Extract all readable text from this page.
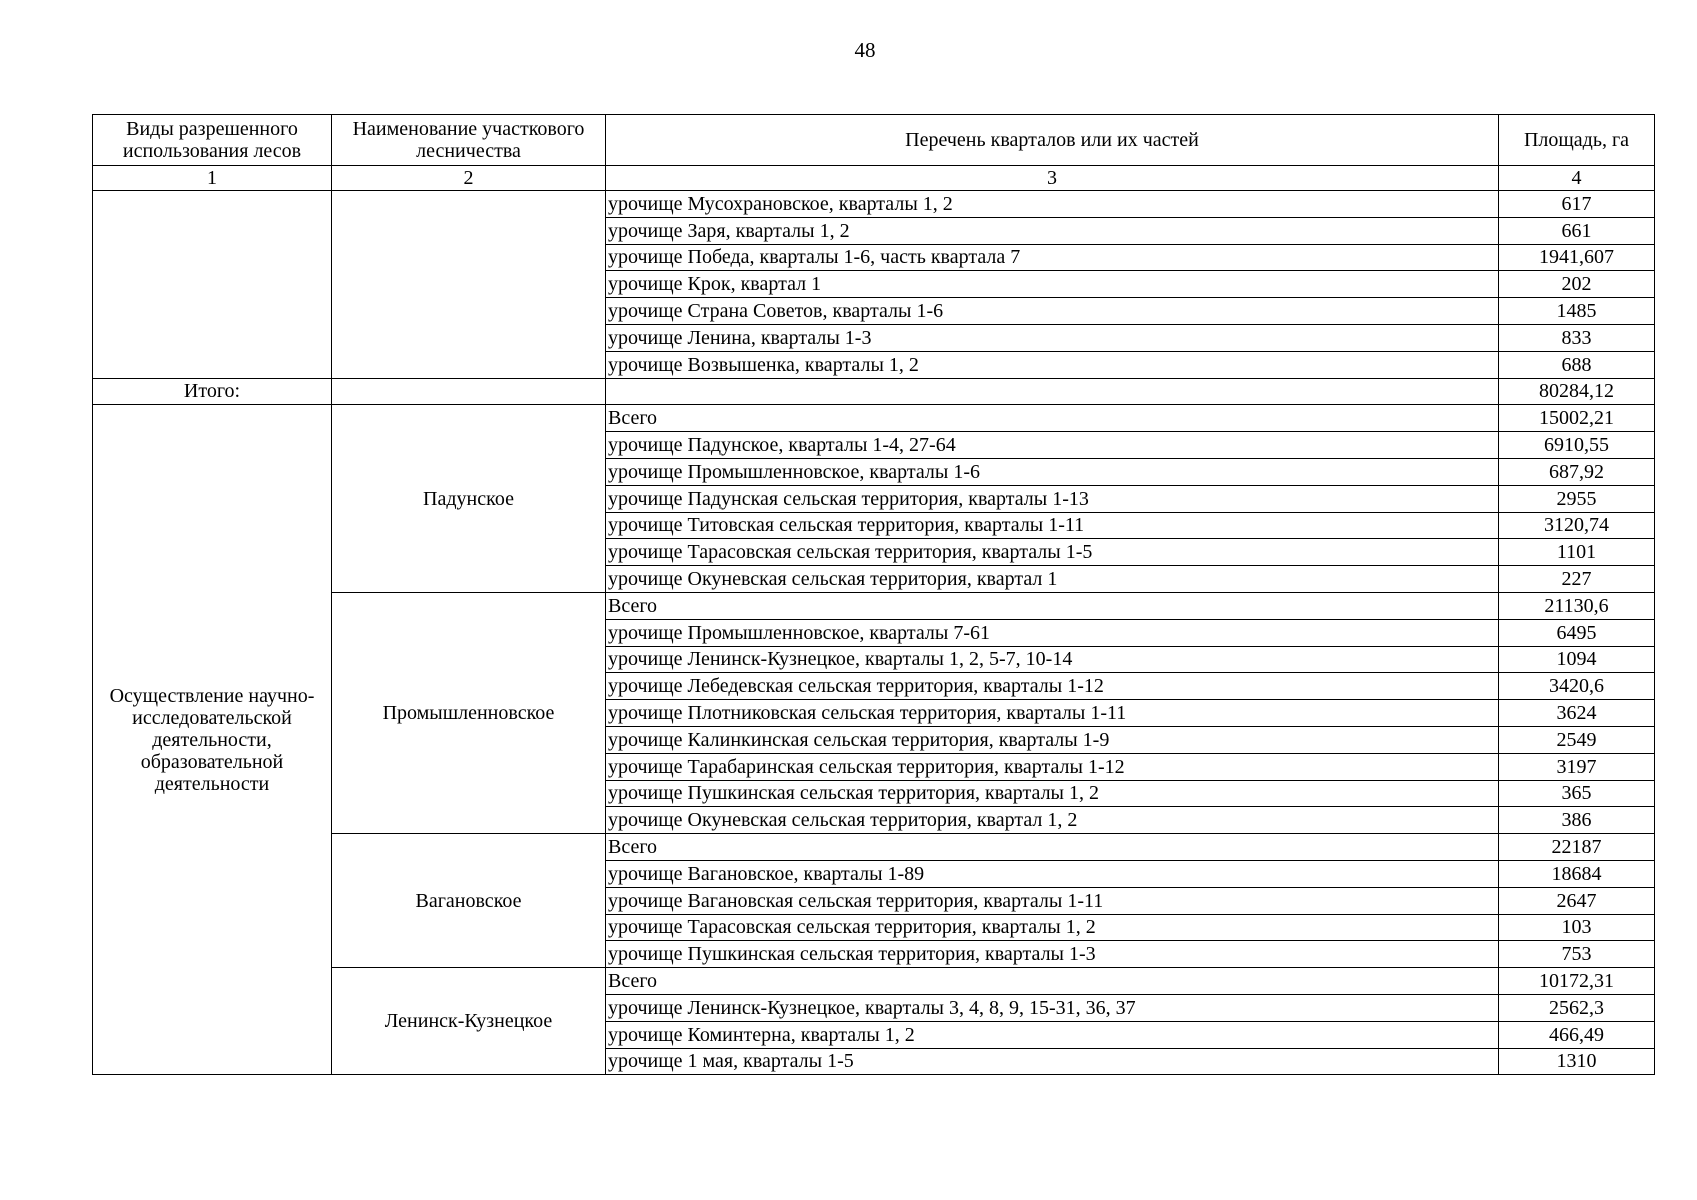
48
Виды разрешенного использования лесов	Наименование участкового лесничества	Перечень кварталов или их частей	Площадь, га
1	2	3	4
		урочище Мусохрановское, кварталы 1, 2	617
		урочище Заря, кварталы 1, 2	661
		урочище Победа, кварталы 1-6, часть квартала 7	1941,607
		урочище Крок, квартал 1	202
		урочище Страна Советов, кварталы 1-6	1485
		урочище Ленина, кварталы 1-3	833
		урочище Возвышенка, кварталы 1, 2	688
Итого:			80284,12
Осуществление научно-исследовательской деятельности, образовательной деятельности	Падунское	Всего	15002,21
		урочище Падунское, кварталы 1-4, 27-64	6910,55
		урочище Промышленновское, кварталы 1-6	687,92
		урочище Падунская сельская территория, кварталы 1-13	2955
		урочище Титовская сельская территория, кварталы 1-11	3120,74
		урочище Тарасовская сельская территория, кварталы 1-5	1101
		урочище Окуневская сельская территория, квартал 1	227
	Промышленновское	Всего	21130,6
		урочище Промышленновское, кварталы 7-61	6495
		урочище Ленинск-Кузнецкое, кварталы 1, 2, 5-7, 10-14	1094
		урочище Лебедевская сельская территория, кварталы 1-12	3420,6
		урочище Плотниковская сельская территория, кварталы 1-11	3624
		урочище Калинкинская сельская территория, кварталы 1-9	2549
		урочище Тарабаринская сельская территория, кварталы 1-12	3197
		урочище Пушкинская сельская территория, кварталы 1, 2	365
		урочище Окуневская сельская территория, квартал 1, 2	386
	Вагановское	Всего	22187
		урочище Вагановское, кварталы 1-89	18684
		урочище Вагановская сельская территория, кварталы 1-11	2647
		урочище Тарасовская сельская территория, кварталы 1, 2	103
		урочище Пушкинская сельская территория, кварталы 1-3	753
	Ленинск-Кузнецкое	Всего	10172,31
		урочище Ленинск-Кузнецкое, кварталы 3, 4, 8, 9, 15-31, 36, 37	2562,3
		урочище Коминтерна, кварталы 1, 2	466,49
		урочище 1 мая, кварталы 1-5	1310
